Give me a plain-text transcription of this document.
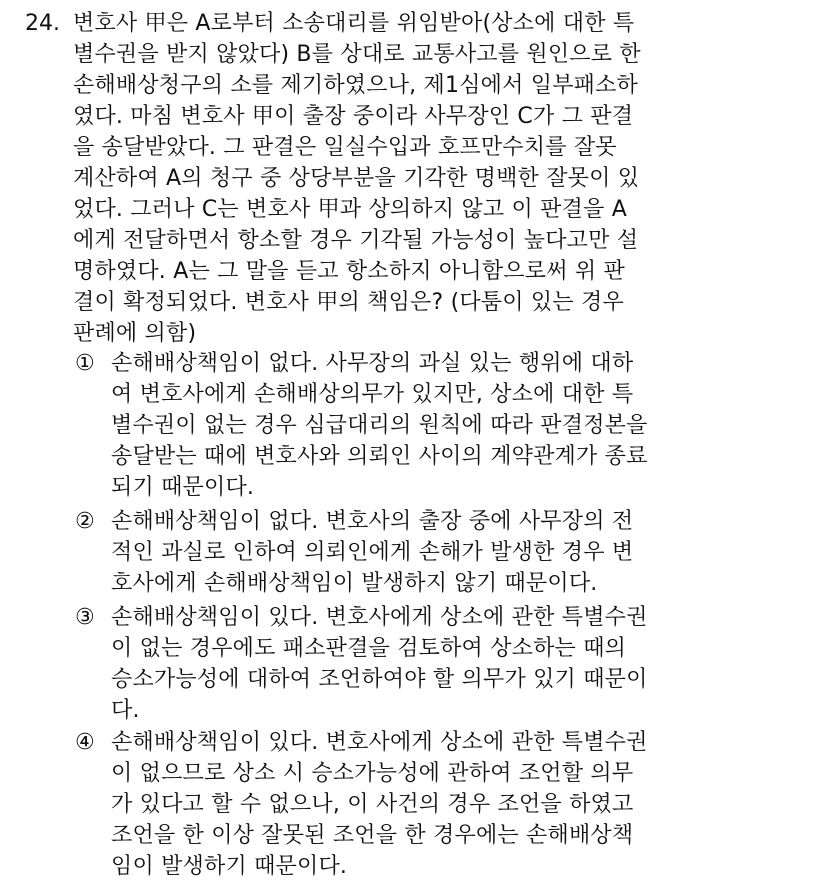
24. 변호사 甲은 A로부터 소송대리를 위임받아(상소에 대한 특
별수권을 받지 않았다) B를 상대로 교통사고를 원인으로 한
손해배상청구의 소를 제기하였으나, 제1심에서 일부패소하
였다. 마침 변호사 甲이 출장 중이라 사무장인 C가 그 판결
을 송달받았다. 그 판결은 일실수입과 호프만수치를 잘못
계산하여 A의 청구 중 상당부분을 기각한 명백한 잘못이 있
었다. 그러나 C는 변호사 甲과 상의하지 않고 이 판결을 A
에게 전달하면서 항소할 경우 기각될 가능성이 높다고만 설
명하였다. A는 그 말을 듣고 항소하지 아니함으로써 위 판
결이 확정되었다. 변호사 甲의 책임은? (다툼이 있는 경우
판례에 의함)
① 손해배상책임이 없다. 사무장의 과실 있는 행위에 대하
여 변호사에게 손해배상의무가 있지만, 상소에 대한 특
별수권이 없는 경우 심급대리의 원칙에 따라 판결정본을
송달받는 때에 변호사와 의뢰인 사이의 계약관계가 종료
되기 때문이다.
② 손해배상책임이 없다. 변호사의 출장 중에 사무장의 전
적인 과실로 인하여 의뢰인에게 손해가 발생한 경우 변
호사에게 손해배상책임이 발생하지 않기 때문이다.
③ 손해배상책임이 있다. 변호사에게 상소에 관한 특별수권
이 없는 경우에도 패소판결을 검토하여 상소하는 때의
승소가능성에 대하여 조언하여야 할 의무가 있기 때문이
다.
④ 손해배상책임이 있다. 변호사에게 상소에 관한 특별수권
이 없으므로 상소 시 승소가능성에 관하여 조언할 의무
가 있다고 할 수 없으나, 이 사건의 경우 조언을 하였고
조언을 한 이상 잘못된 조언을 한 경우에는 손해배상책
임이 발생하기 때문이다.
